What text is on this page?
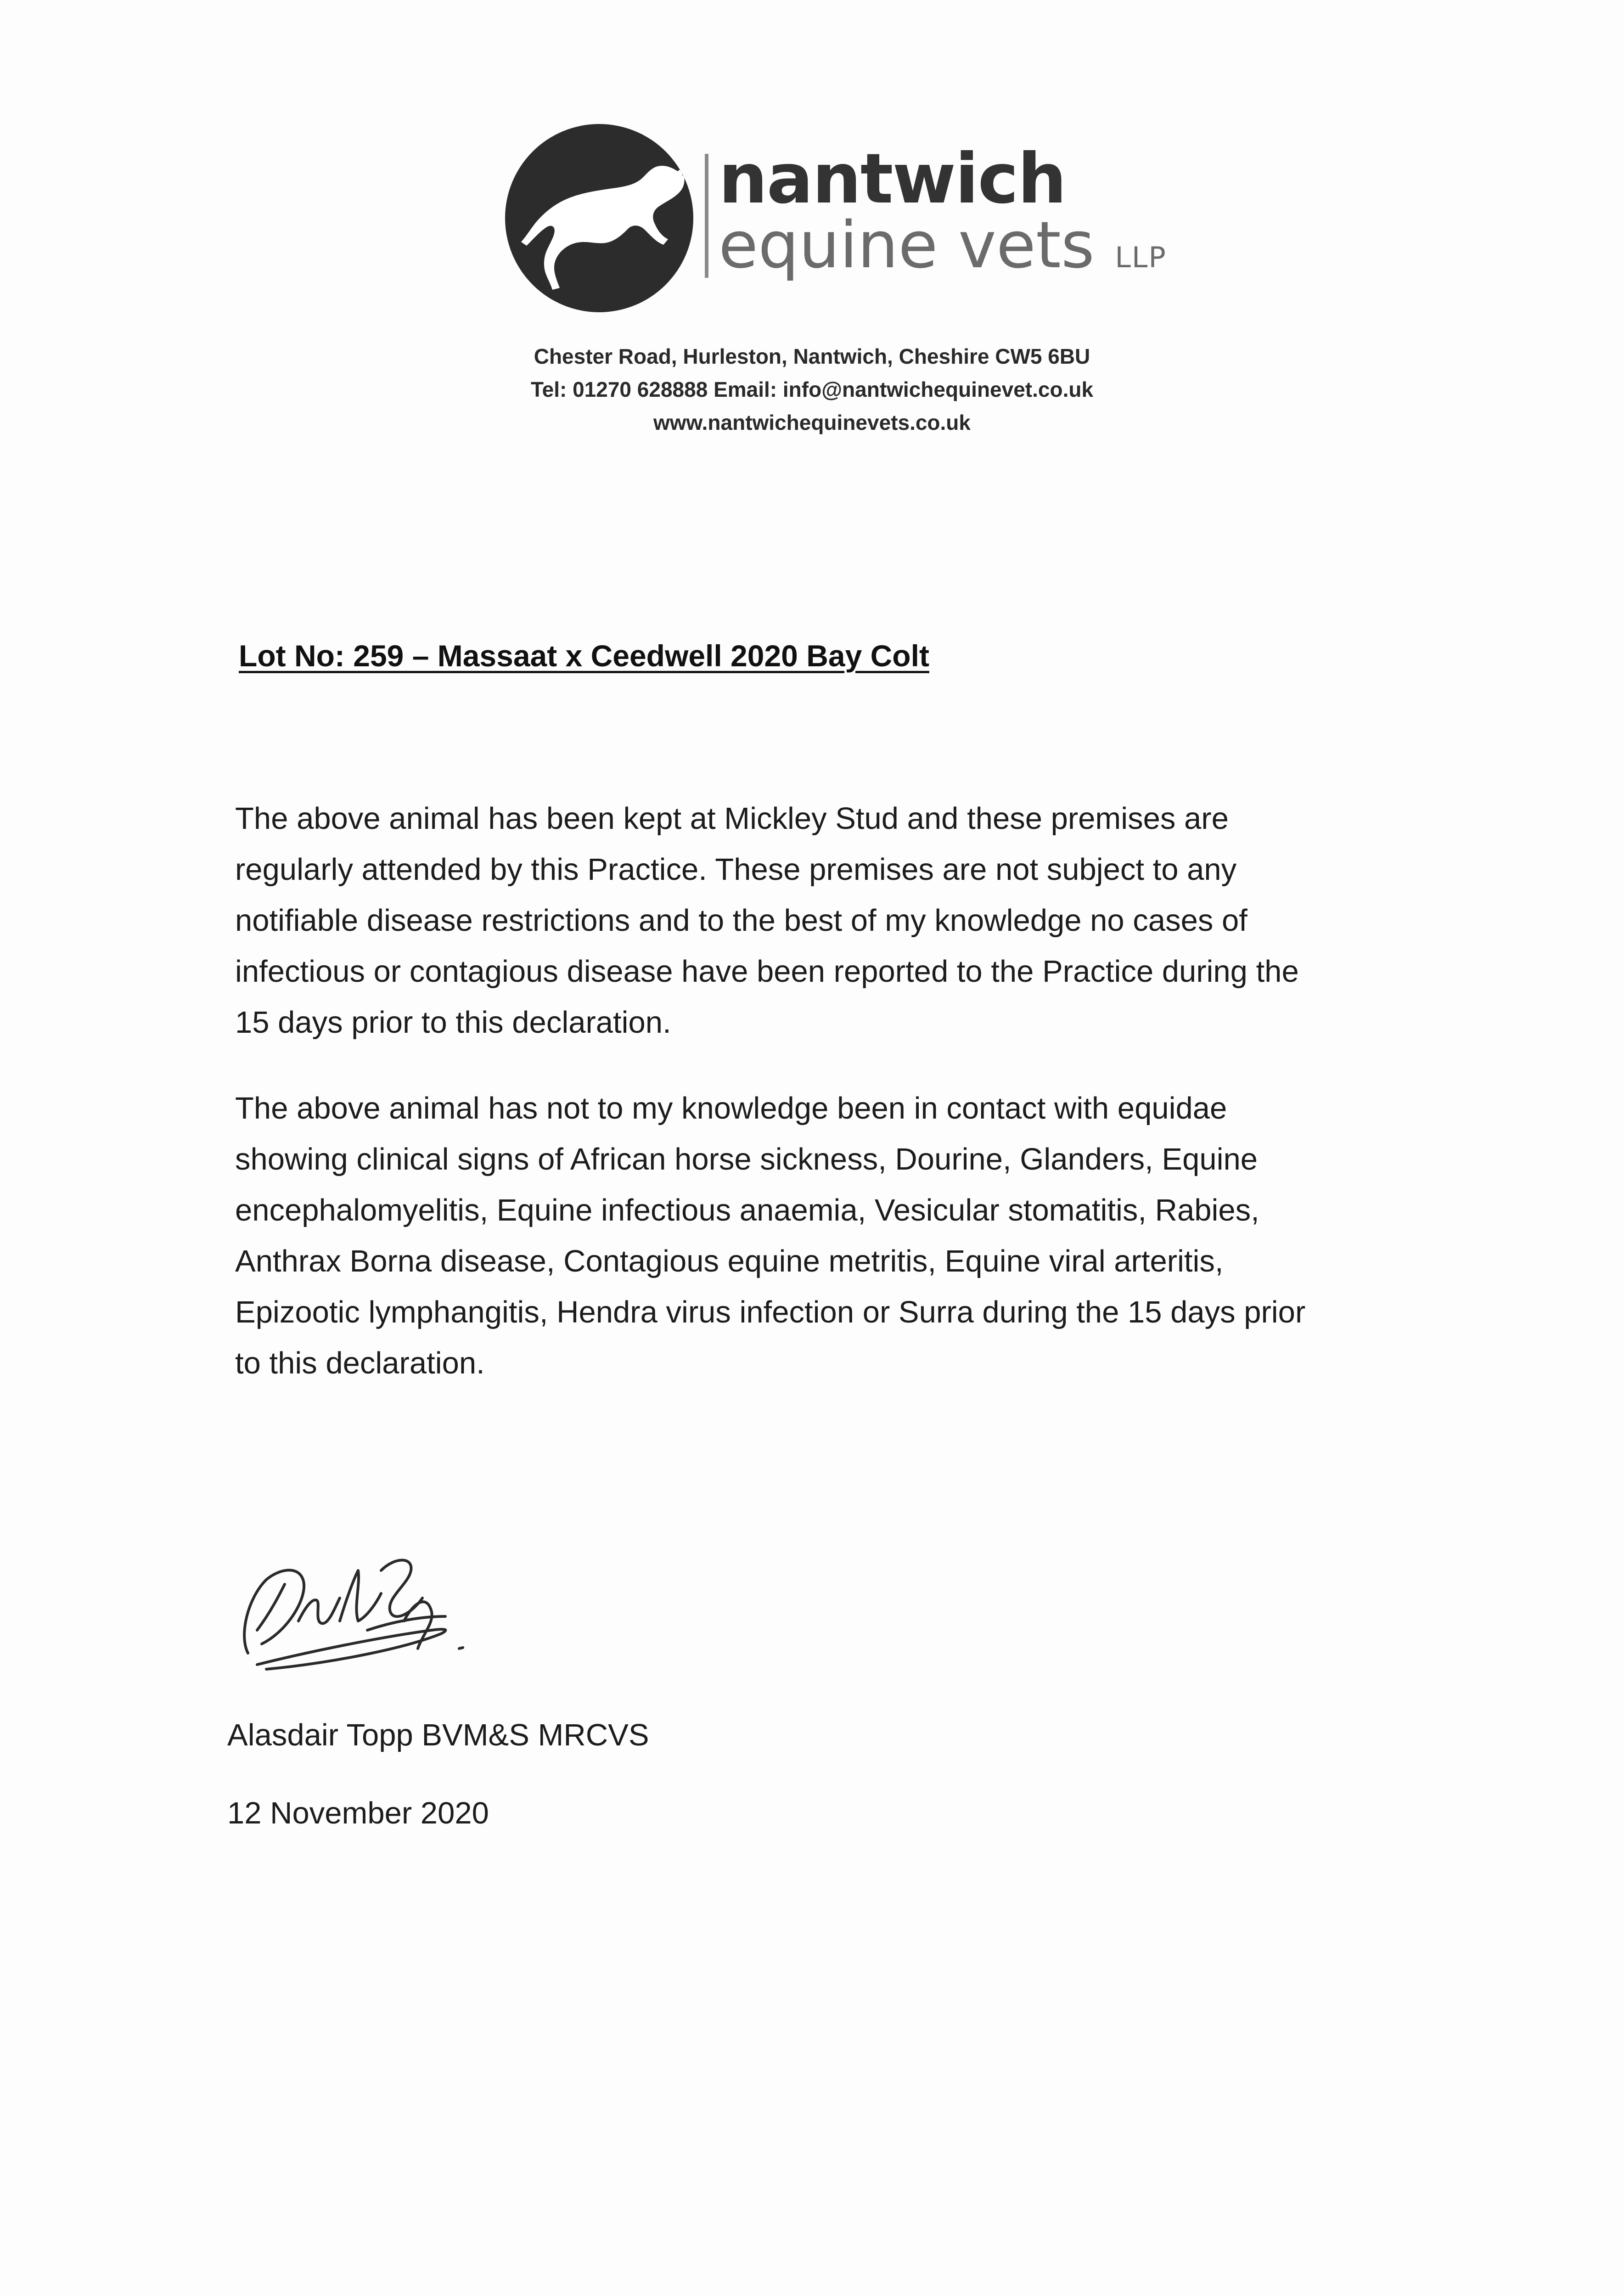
nantwich
equine vets LLP
Chester Road, Hurleston, Nantwich, Cheshire CW5 6BU
Tel: 01270 628888 Email: info@nantwichequinevet.co.uk
www.nantwichequinevets.co.uk
Lot No: 259 – Massaat x Ceedwell 2020 Bay Colt
The above animal has been kept at Mickley Stud and these premises are
regularly attended by this Practice. These premises are not subject to any
notifiable disease restrictions and to the best of my knowledge no cases of
infectious or contagious disease have been reported to the Practice during the
15 days prior to this declaration.
The above animal has not to my knowledge been in contact with equidae
showing clinical signs of African horse sickness, Dourine, Glanders, Equine
encephalomyelitis, Equine infectious anaemia, Vesicular stomatitis, Rabies,
Anthrax Borna disease, Contagious equine metritis, Equine viral arteritis,
Epizootic lymphangitis, Hendra virus infection or Surra during the 15 days prior
to this declaration.
Alasdair Topp BVM&S MRCVS
12 November 2020
